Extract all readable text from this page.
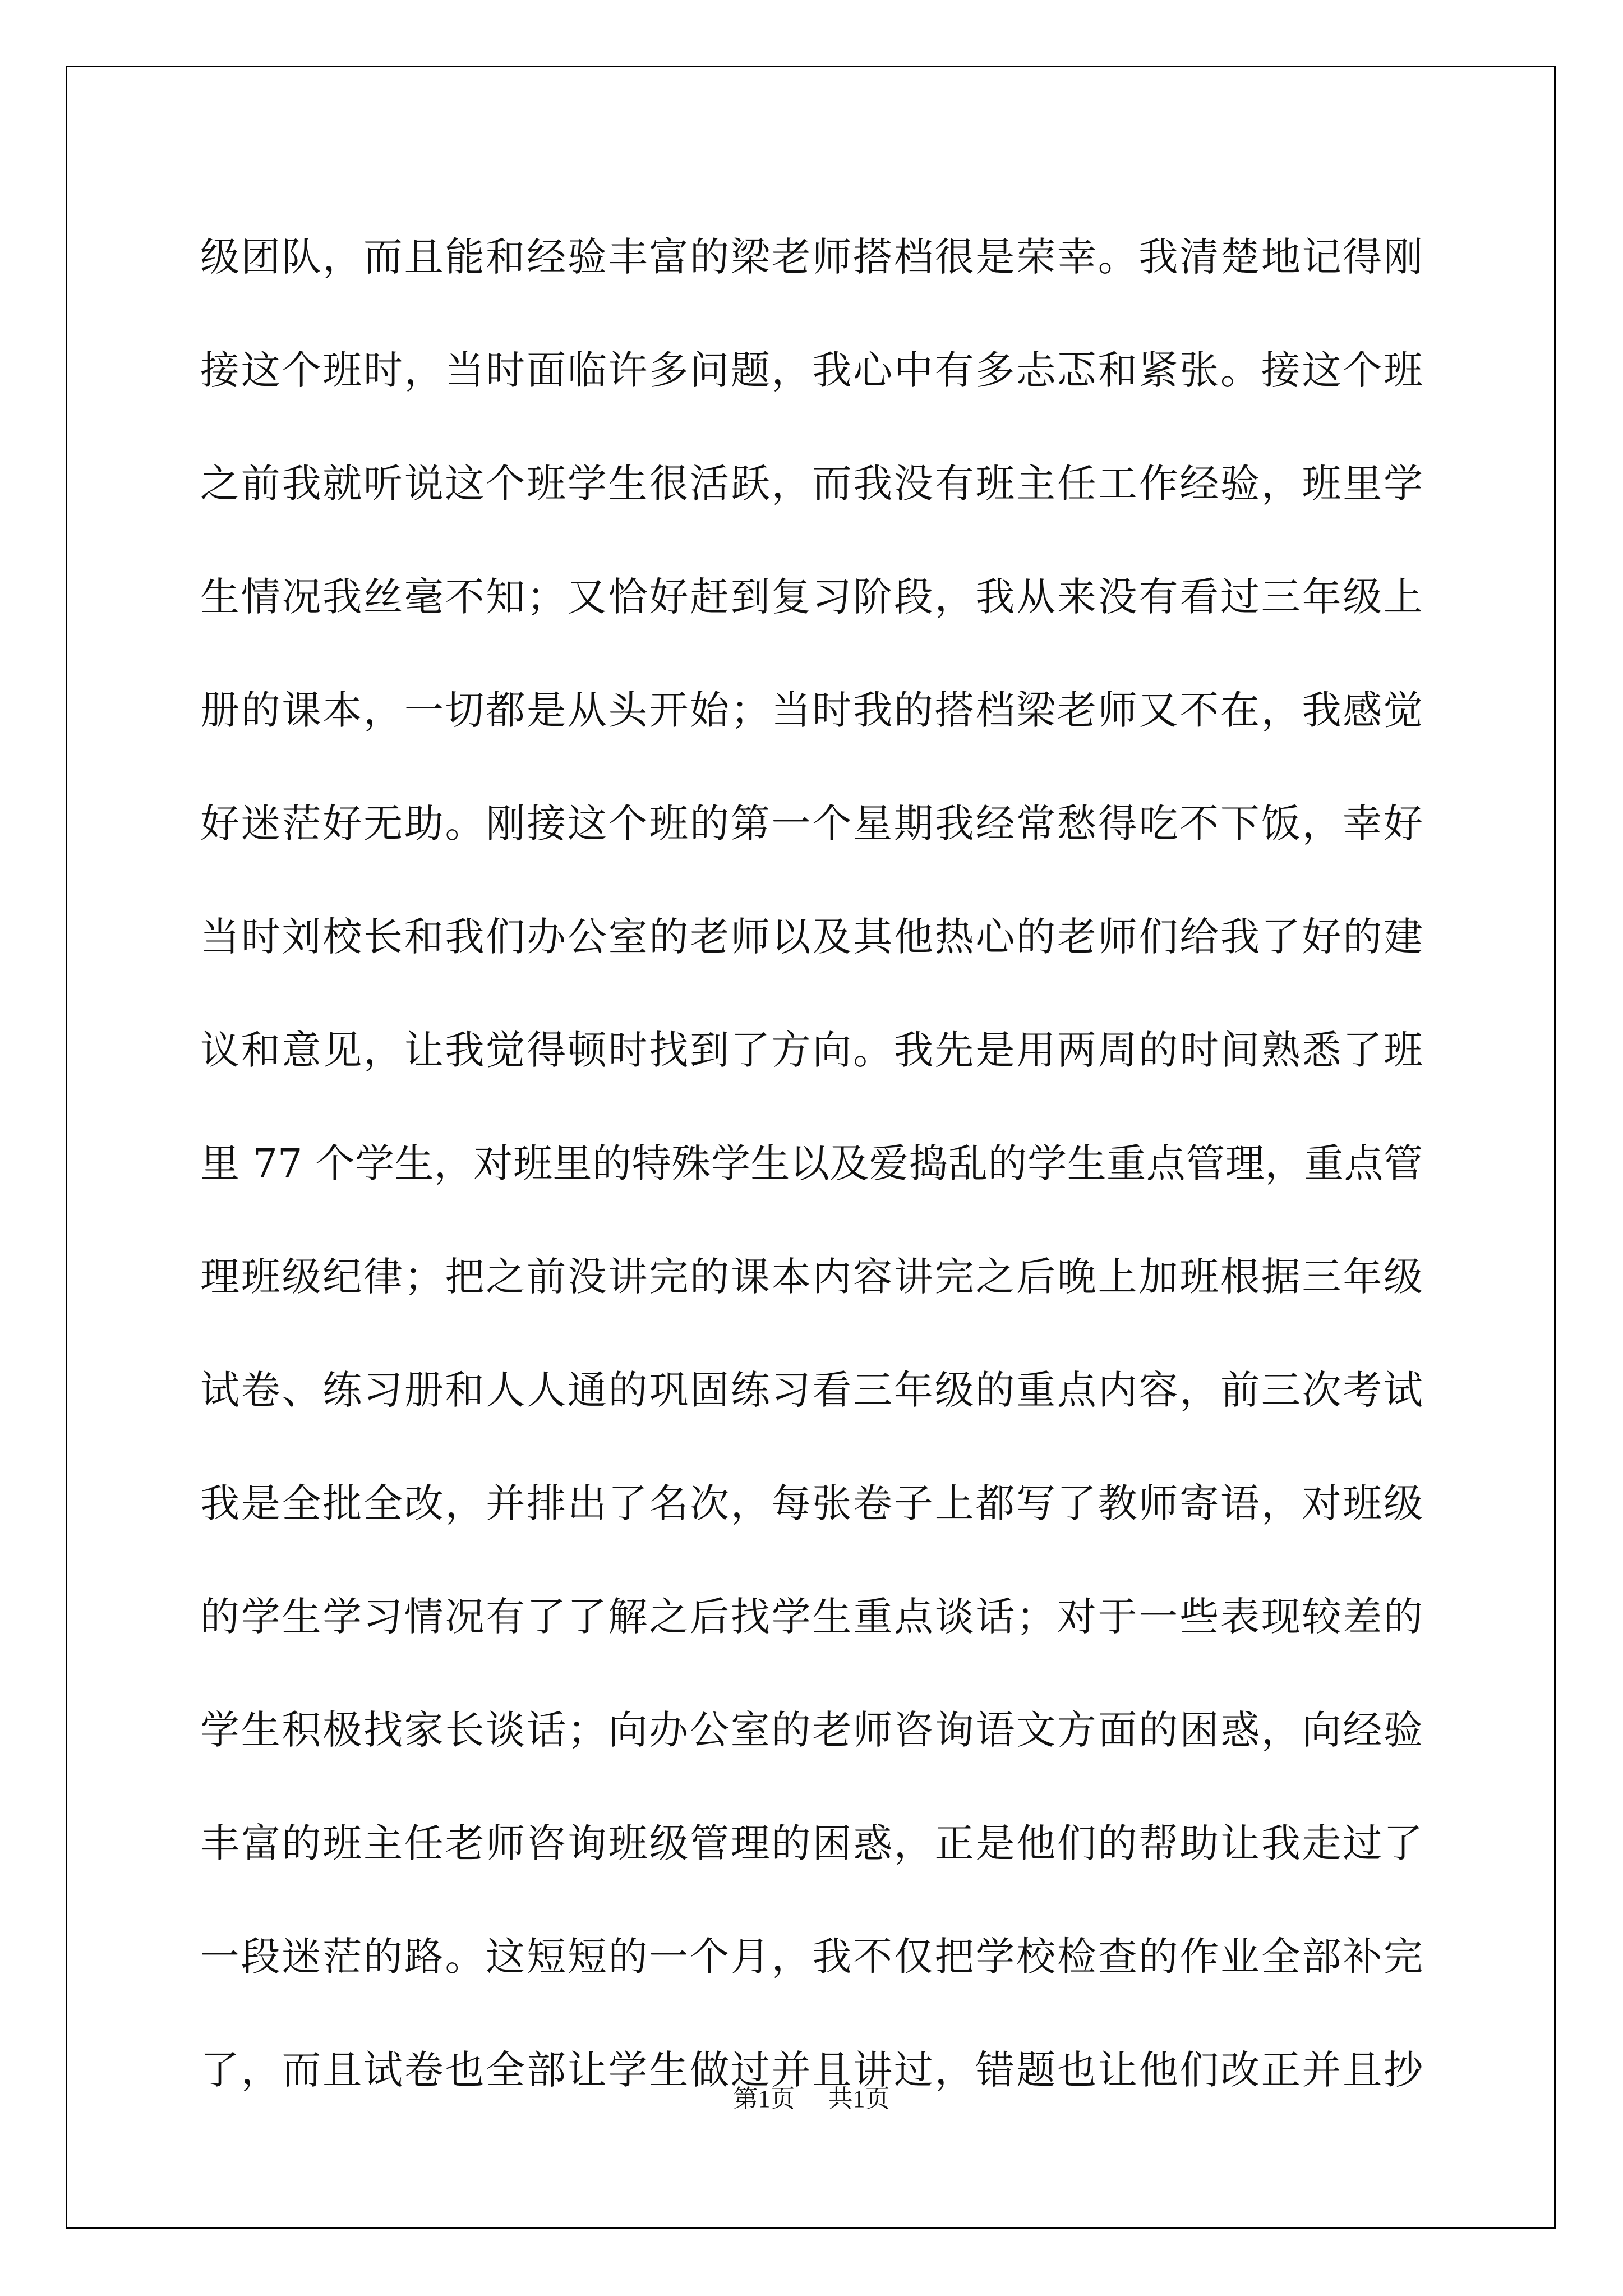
级团队，而且能和经验丰富的梁老师搭档很是荣幸。我清楚地记得刚
接这个班时，当时面临许多问题，我心中有多忐忑和紧张。接这个班
之前我就听说这个班学生很活跃，而我没有班主任工作经验，班里学
生情况我丝毫不知；又恰好赶到复习阶段，我从来没有看过三年级上
册的课本，一切都是从头开始；当时我的搭档梁老师又不在，我感觉
好迷茫好无助。刚接这个班的第一个星期我经常愁得吃不下饭，幸好
当时刘校长和我们办公室的老师以及其他热心的老师们给我了好的建
议和意见，让我觉得顿时找到了方向。我先是用两周的时间熟悉了班
里 77 个学生，对班里的特殊学生以及爱捣乱的学生重点管理，重点管
理班级纪律；把之前没讲完的课本内容讲完之后晚上加班根据三年级
试卷、练习册和人人通的巩固练习看三年级的重点内容，前三次考试
我是全批全改，并排出了名次，每张卷子上都写了教师寄语，对班级
的学生学习情况有了了解之后找学生重点谈话；对于一些表现较差的
学生积极找家长谈话；向办公室的老师咨询语文方面的困惑，向经验
丰富的班主任老师咨询班级管理的困惑，正是他们的帮助让我走过了
一段迷茫的路。这短短的一个月，我不仅把学校检查的作业全部补完
了，而且试卷也全部让学生做过并且讲过，错题也让他们改正并且抄
第1页 共1页
